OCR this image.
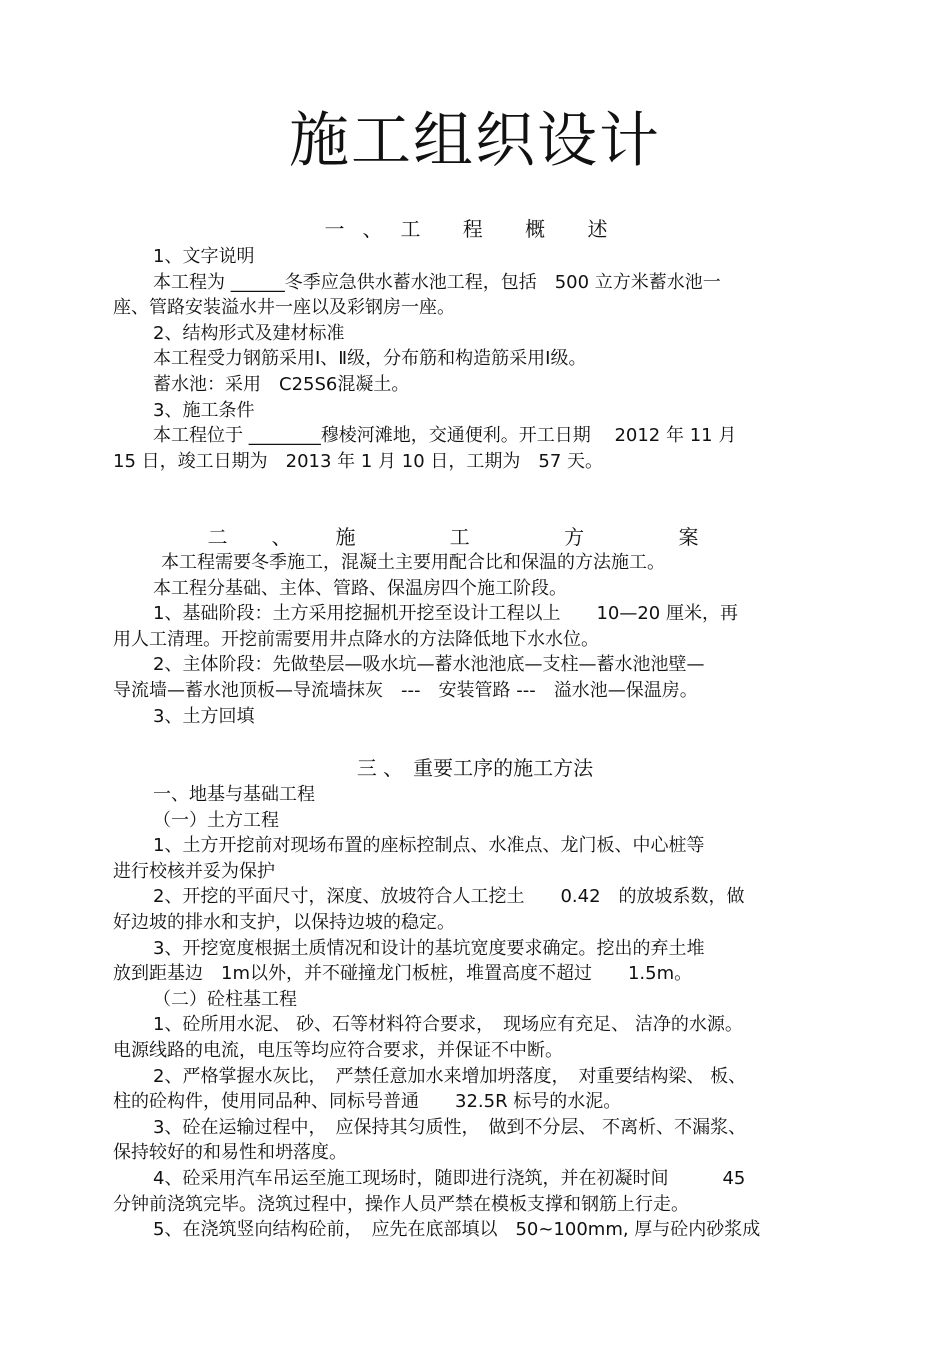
施工组织设计
一、工 程 概 述

1、文字说明

本工程为 ______冬季应急供水蓄水池工程，包括　500 立方米蓄水池一

座、管路安装溢水井一座以及彩钢房一座。

2、结构形式及建材标准

本工程受力钢筋采用Ⅰ、Ⅱ级，分布筋和构造筋采用Ⅰ级。

蓄水池：采用　C25S6混凝土。

3、施工条件

本工程位于 ________穆棱河滩地，交通便利。开工日期　 2012 年 11 月

15 日，竣工日期为　2013 年 1 月 10 日，工期为　57 天。

二、施 工 方 案

本工程需要冬季施工，混凝土主要用配合比和保温的方法施工。

本工程分基础、主体、管路、保温房四个施工阶段。

1、基础阶段：土方采用挖掘机开挖至设计工程以上　　10—20 厘米，再

用人工清理。开挖前需要用井点降水的方法降低地下水水位。

2、主体阶段：先做垫层—吸水坑—蓄水池池底—支柱—蓄水池池壁—

导流墙—蓄水池顶板—导流墙抹灰　---　安装管路 ---　溢水池—保温房。

3、土方回填

三 、　重要工序的施工方法

一、地基与基础工程

（一）土方工程

1、土方开挖前对现场布置的座标控制点、水准点、龙门板、中心桩等

进行校核并妥为保护

2、开挖的平面尺寸，深度、放坡符合人工挖土　　0.42　的放坡系数，做

好边坡的排水和支护，以保持边坡的稳定。

3、开挖宽度根据土质情况和设计的基坑宽度要求确定。挖出的弃土堆

放到距基边　1m以外，并不碰撞龙门板桩，堆置高度不超过　　1.5m。

（二）砼柱基工程

1、砼所用水泥、 砂、石等材料符合要求，　现场应有充足、 洁净的水源。

电源线路的电流，电压等均应符合要求，并保证不中断。

2、严格掌握水灰比，　严禁任意加水来增加坍落度，　对重要结构梁、 板、

柱的砼构件，使用同品种、同标号普通　　32.5R 标号的水泥。

3、砼在运输过程中，　应保持其匀质性，　做到不分层、 不离析、不漏浆、

保持较好的和易性和坍落度。

4、砼采用汽车吊运至施工现场时，随即进行浇筑，并在初凝时间　　　45

分钟前浇筑完毕。浇筑过程中，操作人员严禁在模板支撑和钢筋上行走。

5、在浇筑竖向结构砼前，　应先在底部填以　50~100mm, 厚与砼内砂浆成
